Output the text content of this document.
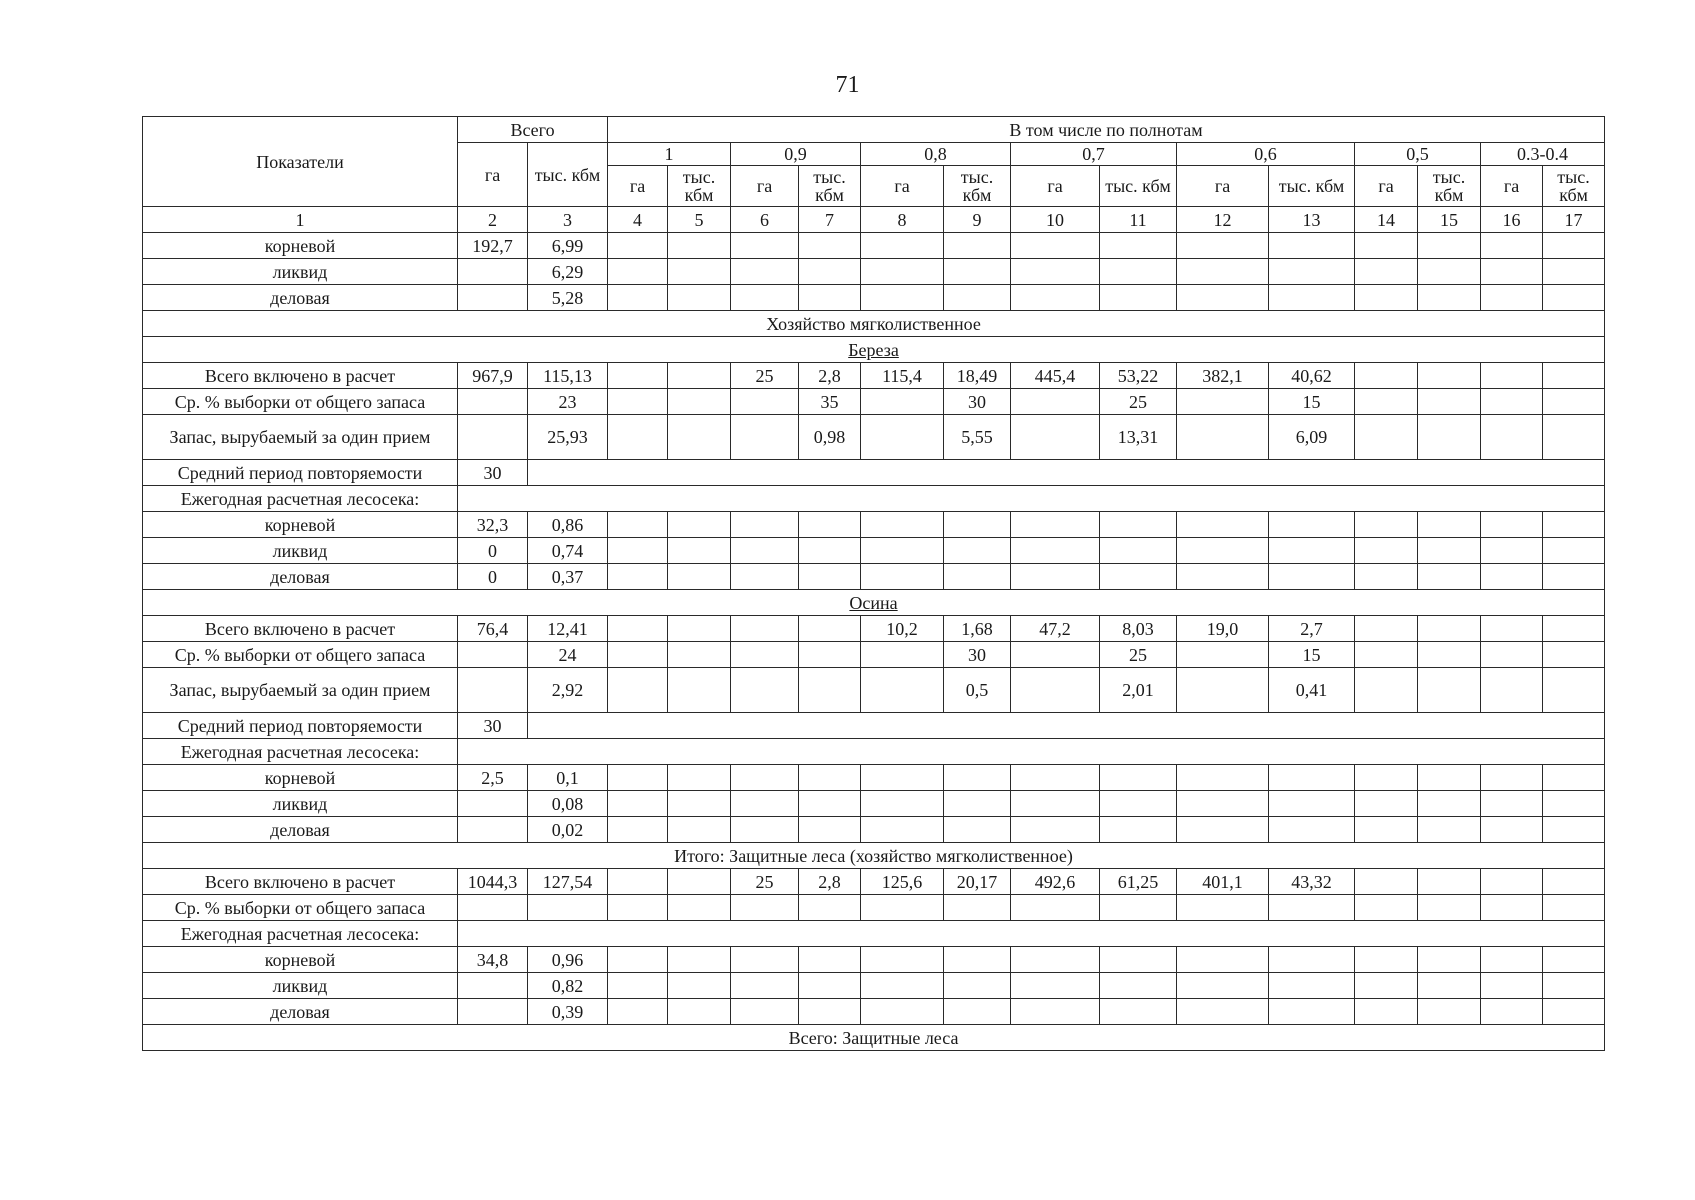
71
Показатели	Всего		В том числе по полнотам													
	га	тыс. кбм	1		0,9		0,8		0,7		0,6		0,5		0.3-0.4	
			га	тыс. кбм	га	тыс. кбм	га	тыс. кбм	га	тыс. кбм	га	тыс. кбм	га	тыс. кбм	га	тыс. кбм
1	2	3	4	5	6	7	8	9	10	11	12	13	14	15	16	17
корневой	192,7	6,99														
ликвид		6,29														
деловая		5,28														
Хозяйство мягколиственное																
Береза																
Всего включено в расчет	967,9	115,13			25	2,8	115,4	18,49	445,4	53,22	382,1	40,62				
Ср. % выборки от общего запаса		23				35		30		25		15				
Запас, вырубаемый за один прием		25,93				0,98		5,55		13,31		6,09				
Средний период повторяемости	30															
Ежегодная расчетная лесосека:																
корневой	32,3	0,86														
ликвид	0	0,74														
деловая	0	0,37														
Осина																
Всего включено в расчет	76,4	12,41					10,2	1,68	47,2	8,03	19,0	2,7				
Ср. % выборки от общего запаса		24						30		25		15				
Запас, вырубаемый за один прием		2,92						0,5		2,01		0,41				
Средний период повторяемости	30															
Ежегодная расчетная лесосека:																
корневой	2,5	0,1														
ликвид		0,08														
деловая		0,02														
Итого: Защитные леса (хозяйство мягколиственное)																
Всего включено в расчет	1044,3	127,54			25	2,8	125,6	20,17	492,6	61,25	401,1	43,32				
Ср. % выборки от общего запаса																
Ежегодная расчетная лесосека:																
корневой	34,8	0,96														
ликвид		0,82														
деловая		0,39														
Всего: Защитные леса																
